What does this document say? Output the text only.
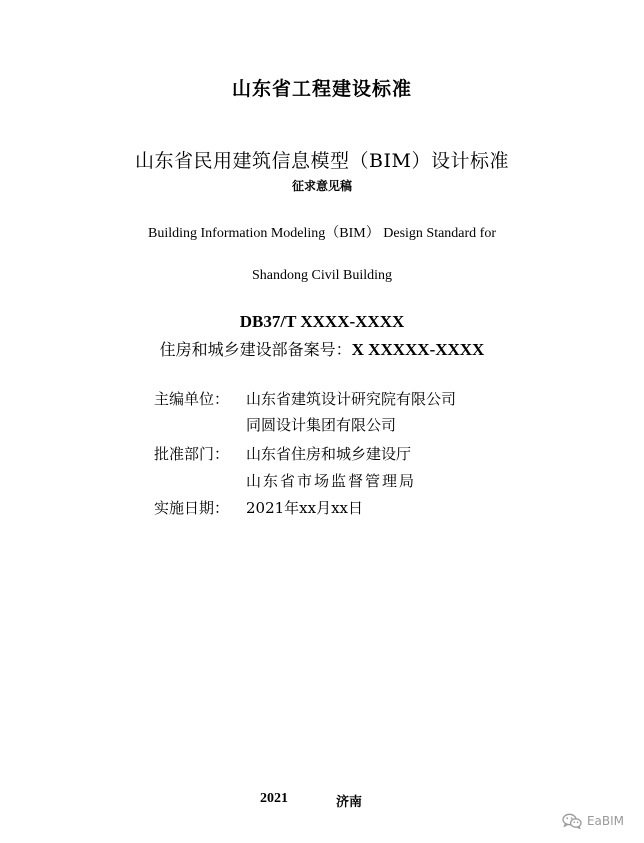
山东省工程建设标准
山东省民用建筑信息模型（BIM）设计标准
征求意见稿
Building Information Modeling（BIM） Design Standard for
Shandong Civil Building
DB37/T XXXX-XXXX
住房和城乡建设部备案号：X XXXXX-XXXX
主编单位： 山东省建筑设计研究院有限公司
同圆设计集团有限公司
批准部门： 山东省住房和城乡建设厅
山东省市场监督管理局
实施日期： 2021年xx月xx日
2021	济南
EaBIM
